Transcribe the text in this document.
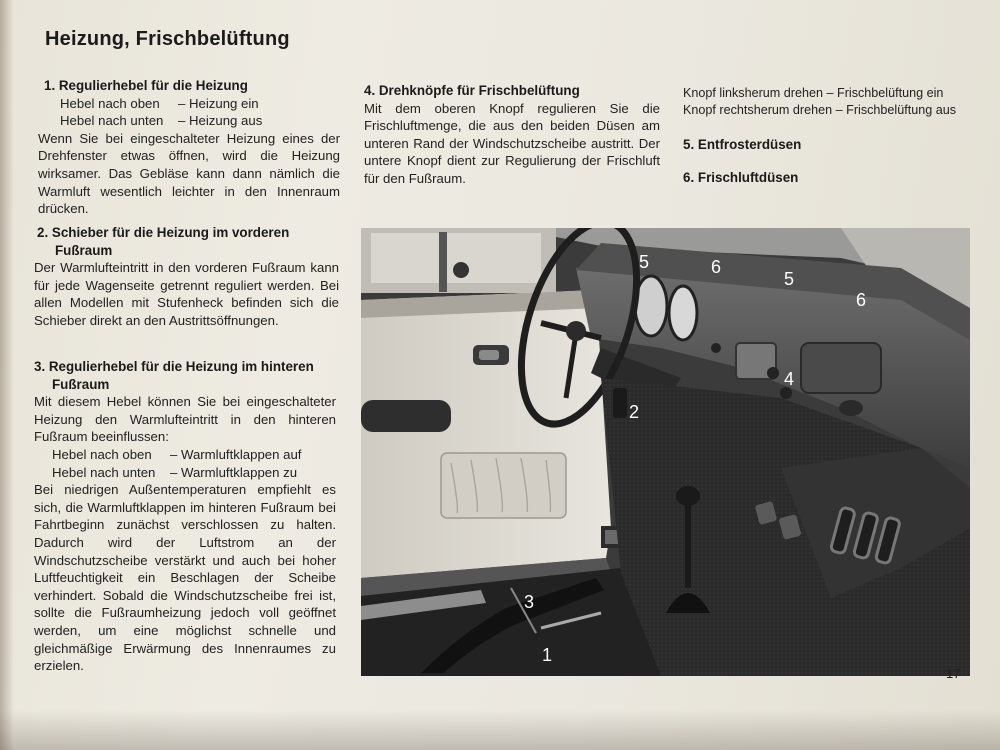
Heizung, Frischbelüftung
1. Regulierhebel für die Heizung
Hebel nach oben	– Heizung ein
Hebel nach unten	– Heizung aus

Wenn Sie bei eingeschalteter Heizung eines der Drehfenster etwas öffnen, wird die Heizung wirksamer. Das Gebläse kann dann nämlich die Warmluft wesentlich leichter in den Innenraum drücken.

2. Schieber für die Heizung im vorderen
Fußraum

Der Warmlufteintritt in den vorderen Fußraum kann für jede Wagenseite getrennt reguliert werden. Bei allen Modellen mit Stufenheck befinden sich die Schieber direkt an den Austrittsöffnungen.

3. Regulierhebel für die Heizung im hinteren
Fußraum

Mit diesem Hebel können Sie bei eingeschalteter Heizung den Warmlufteintritt in den hinteren Fußraum beeinflussen:

Hebel nach oben	– Warmluftklappen auf
Hebel nach unten	– Warmluftklappen zu

Bei niedrigen Außentemperaturen empfiehlt es sich, die Warmluftklappen im hinteren Fußraum bei Fahrtbeginn zunächst verschlossen zu halten. Dadurch wird der Luftstrom an der Windschutzscheibe verstärkt und auch bei hoher Luftfeuchtigkeit ein Beschlagen der Scheibe verhindert. Sobald die Windschutzscheibe frei ist, sollte die Fußraumheizung jedoch voll geöffnet werden, um eine möglichst schnelle und gleichmäßige Erwärmung des Innenraumes zu erzielen.

4. Drehknöpfe für Frischbelüftung

Mit dem oberen Knopf regulieren Sie die Frischluftmenge, die aus den beiden Düsen am unteren Rand der Windschutzscheibe austritt. Der untere Knopf dient zur Regulierung der Frischluft für den Fußraum.

Knopf linksherum drehen
– Frischbelüftung ein
Knopf rechtsherum drehen
– Frischbelüftung aus
5. Entfrosterdüsen
6. Frischluftdüsen
5	6
5
6
4
2
3
1
17
